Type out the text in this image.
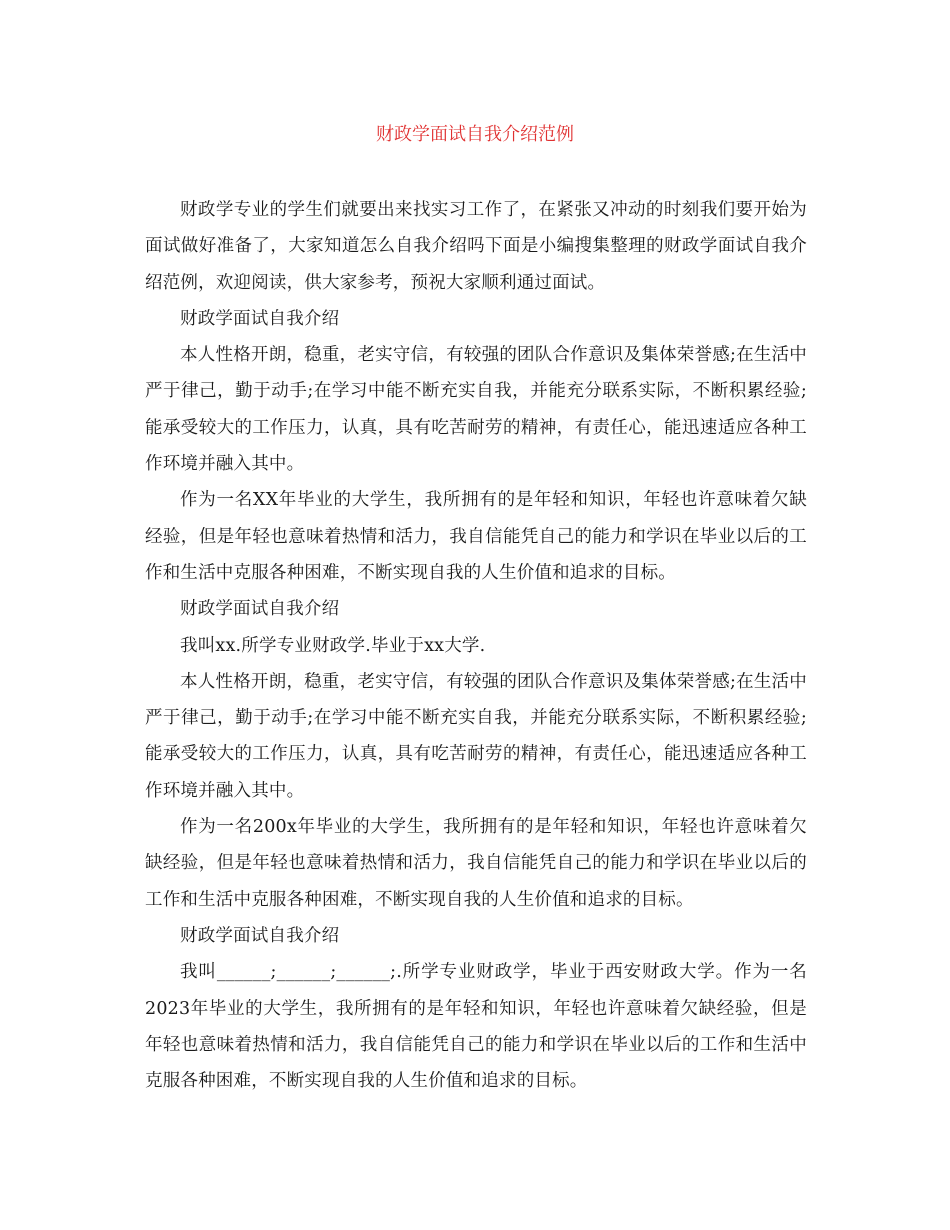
财政学面试自我介绍范例

财政学专业的学生们就要出来找实习工作了，在紧张又冲动的时刻我们要开始为面试做好准备了，大家知道怎么自我介绍吗下面是小编搜集整理的财政学面试自我介绍范例，欢迎阅读，供大家参考，预祝大家顺利通过面试。

财政学面试自我介绍

本人性格开朗，稳重，老实守信，有较强的团队合作意识及集体荣誉感;在生活中严于律己，勤于动手;在学习中能不断充实自我，并能充分联系实际，不断积累经验;能承受较大的工作压力，认真，具有吃苦耐劳的精神，有责任心，能迅速适应各种工作环境并融入其中。

作为一名XX年毕业的大学生，我所拥有的是年轻和知识，年轻也许意味着欠缺经验，但是年轻也意味着热情和活力，我自信能凭自己的能力和学识在毕业以后的工作和生活中克服各种困难，不断实现自我的人生价值和追求的目标。

财政学面试自我介绍

我叫xx.所学专业财政学.毕业于xx大学.

本人性格开朗，稳重，老实守信，有较强的团队合作意识及集体荣誉感;在生活中严于律己，勤于动手;在学习中能不断充实自我，并能充分联系实际，不断积累经验;能承受较大的工作压力，认真，具有吃苦耐劳的精神，有责任心，能迅速适应各种工作环境并融入其中。

作为一名200x年毕业的大学生，我所拥有的是年轻和知识，年轻也许意味着欠缺经验，但是年轻也意味着热情和活力，我自信能凭自己的能力和学识在毕业以后的工作和生活中克服各种困难，不断实现自我的人生价值和追求的目标。

财政学面试自我介绍

我叫______;______;______;.所学专业财政学，毕业于西安财政大学。作为一名2023年毕业的大学生，我所拥有的是年轻和知识，年轻也许意味着欠缺经验，但是年轻也意味着热情和活力，我自信能凭自己的能力和学识在毕业以后的工作和生活中克服各种困难，不断实现自我的人生价值和追求的目标。
